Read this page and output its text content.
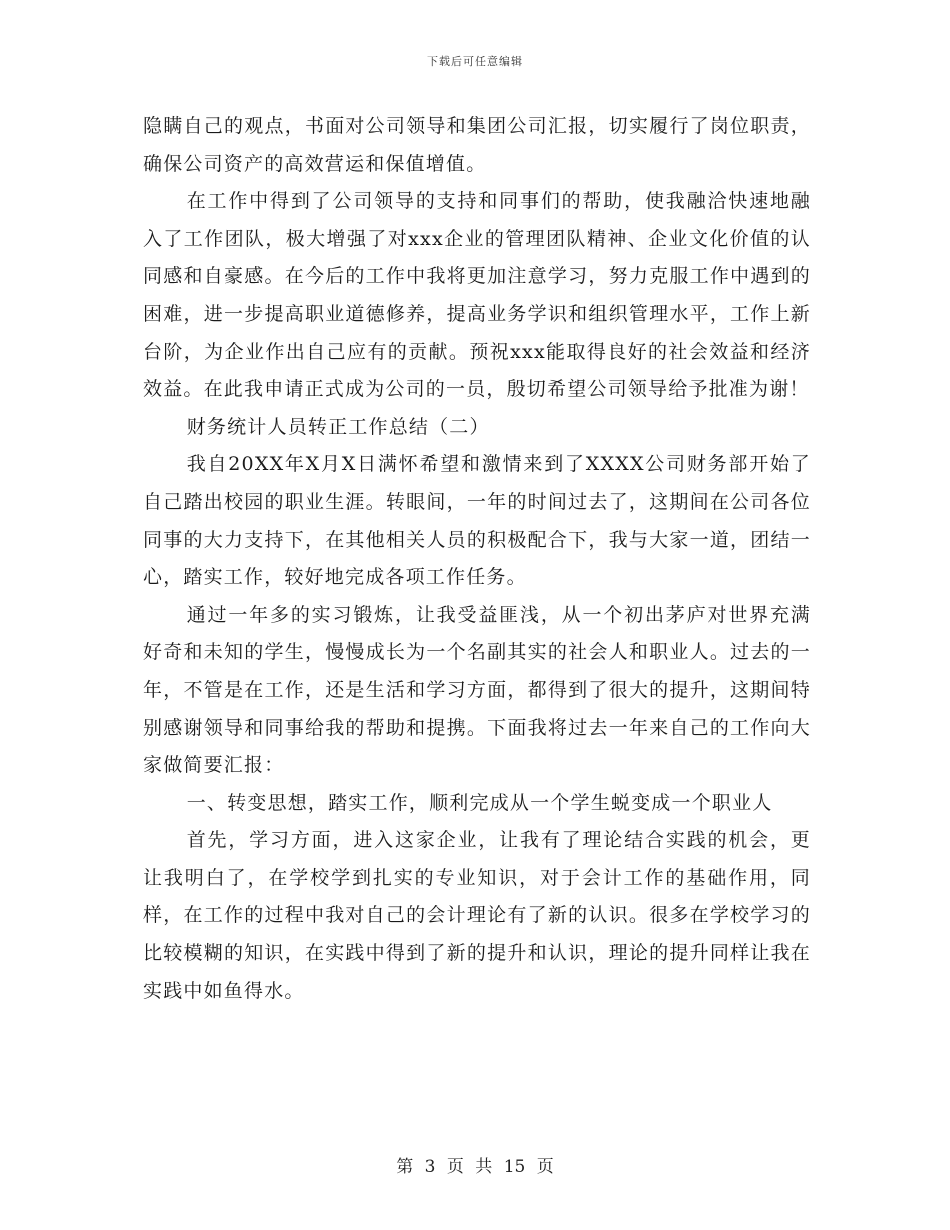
下载后可任意编辑

隐瞒自己的观点，书面对公司领导和集团公司汇报，切实履行了岗位职责，确保公司资产的高效营运和保值增值。

在工作中得到了公司领导的支持和同事们的帮助，使我融洽快速地融入了工作团队，极大增强了对xxx企业的管理团队精神、企业文化价值的认同感和自豪感。在今后的工作中我将更加注意学习，努力克服工作中遇到的困难，进一步提高职业道德修养，提高业务学识和组织管理水平，工作上新台阶，为企业作出自己应有的贡献。预祝xxx能取得良好的社会效益和经济效益。在此我申请正式成为公司的一员，殷切希望公司领导给予批准为谢！

财务统计人员转正工作总结（二）

我自20XX年X月X日满怀希望和激情来到了XXXX公司财务部开始了自己踏出校园的职业生涯。转眼间，一年的时间过去了，这期间在公司各位同事的大力支持下，在其他相关人员的积极配合下，我与大家一道，团结一心，踏实工作，较好地完成各项工作任务。

通过一年多的实习锻炼，让我受益匪浅，从一个初出茅庐对世界充满好奇和未知的学生，慢慢成长为一个名副其实的社会人和职业人。过去的一年，不管是在工作，还是生活和学习方面，都得到了很大的提升，这期间特别感谢领导和同事给我的帮助和提携。下面我将过去一年来自己的工作向大家做简要汇报：

一、转变思想，踏实工作，顺利完成从一个学生蜕变成一个职业人

首先，学习方面，进入这家企业，让我有了理论结合实践的机会，更让我明白了，在学校学到扎实的专业知识，对于会计工作的基础作用，同样，在工作的过程中我对自己的会计理论有了新的认识。很多在学校学习的比较模糊的知识，在实践中得到了新的提升和认识，理论的提升同样让我在实践中如鱼得水。

第 3 页 共 15 页
